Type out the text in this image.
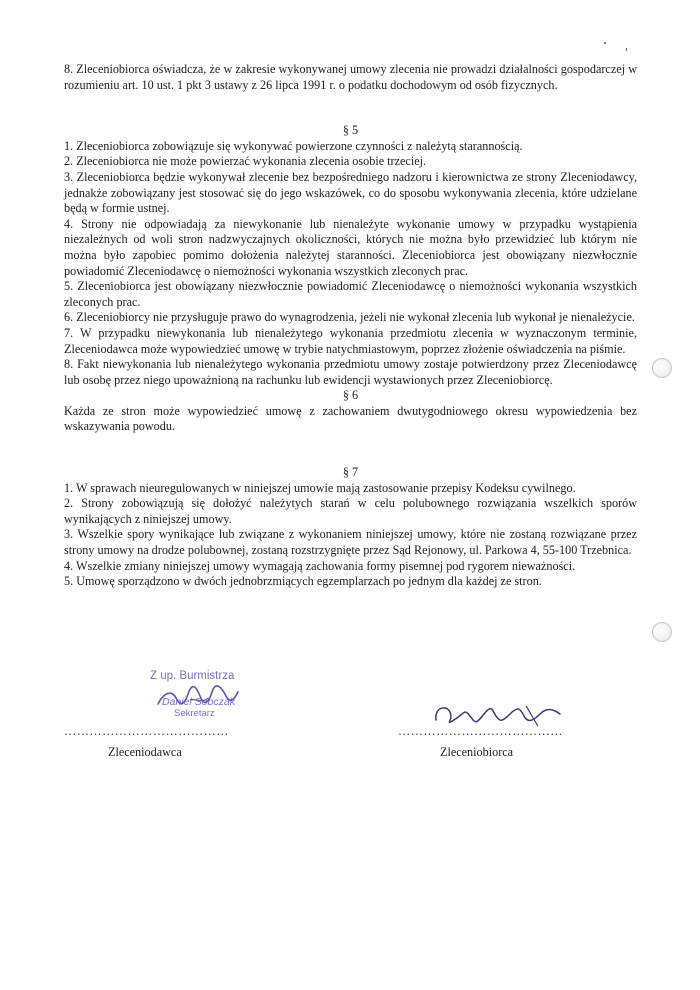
8. Zleceniobiorca oświadcza, że w zakresie wykonywanej umowy zlecenia nie prowadzi działalności gospodarczej w rozumieniu art. 10 ust. 1 pkt 3 ustawy z 26 lipca 1991 r. o podatku dochodowym od osób fizycznych.

§ 5

1. Zleceniobiorca zobowiązuje się wykonywać powierzone czynności z należytą starannością.

2. Zleceniobiorca nie może powierzać wykonania zlecenia osobie trzeciej.

3. Zleceniobiorca będzie wykonywał zlecenie bez bezpośredniego nadzoru i kierownictwa ze strony Zleceniodawcy, jednakże zobowiązany jest stosować się do jego wskazówek, co do sposobu wykonywania zlecenia, które udzielane będą w formie ustnej.

4. Strony nie odpowiadają za niewykonanie lub nienależyte wykonanie umowy w przypadku wystąpienia niezależnych od woli stron nadzwyczajnych okoliczności, których nie można było przewidzieć lub którym nie można było zapobiec pomimo dołożenia należytej staranności. Zleceniobiorca jest obowiązany niezwłocznie powiadomić Zleceniodawcę o niemożności wykonania wszystkich zleconych prac.

5. Zleceniobiorca jest obowiązany niezwłocznie powiadomić Zleceniodawcę o niemożności wykonania wszystkich zleconych prac.

6. Zleceniobiorcy nie przysługuje prawo do wynagrodzenia, jeżeli nie wykonał zlecenia lub wykonał je nienależycie.

7. W przypadku niewykonania lub nienależytego wykonania przedmiotu zlecenia w wyznaczonym terminie, Zleceniodawca może wypowiedzieć umowę w trybie natychmiastowym, poprzez złożenie oświadczenia na piśmie.

8. Fakt niewykonania lub nienależytego wykonania przedmiotu umowy zostaje potwierdzony przez Zleceniodawcę lub osobę przez niego upoważnioną na rachunku lub ewidencji wystawionych przez Zleceniobiorcę.

§ 6

Każda ze stron może wypowiedzieć umowę z zachowaniem dwutygodniowego okresu wypowiedzenia bez wskazywania powodu.

§ 7

1. W sprawach nieuregulowanych w niniejszej umowie mają zastosowanie przepisy Kodeksu cywilnego.

2. Strony zobowiązują się dołożyć należytych starań w celu polubownego rozwiązania wszelkich sporów wynikających z niniejszej umowy.

3. Wszelkie spory wynikające lub związane z wykonaniem niniejszej umowy, które nie zostaną rozwiązane przez strony umowy na drodze polubownej, zostaną rozstrzygnięte przez Sąd Rejonowy, ul. Parkowa 4, 55-100 Trzebnica.

4. Wszelkie zmiany niniejszej umowy wymagają zachowania formy pisemnej pod rygorem nieważności.

5. Umowę sporządzono w dwóch jednobrzmiących egzemplarzach po jednym dla każdej ze stron.

Z up. Burmistrza
Daniel Sobczak
Sekretarz
…………………………………
Zleceniodawca
…………………………………
Zleceniobiorca
